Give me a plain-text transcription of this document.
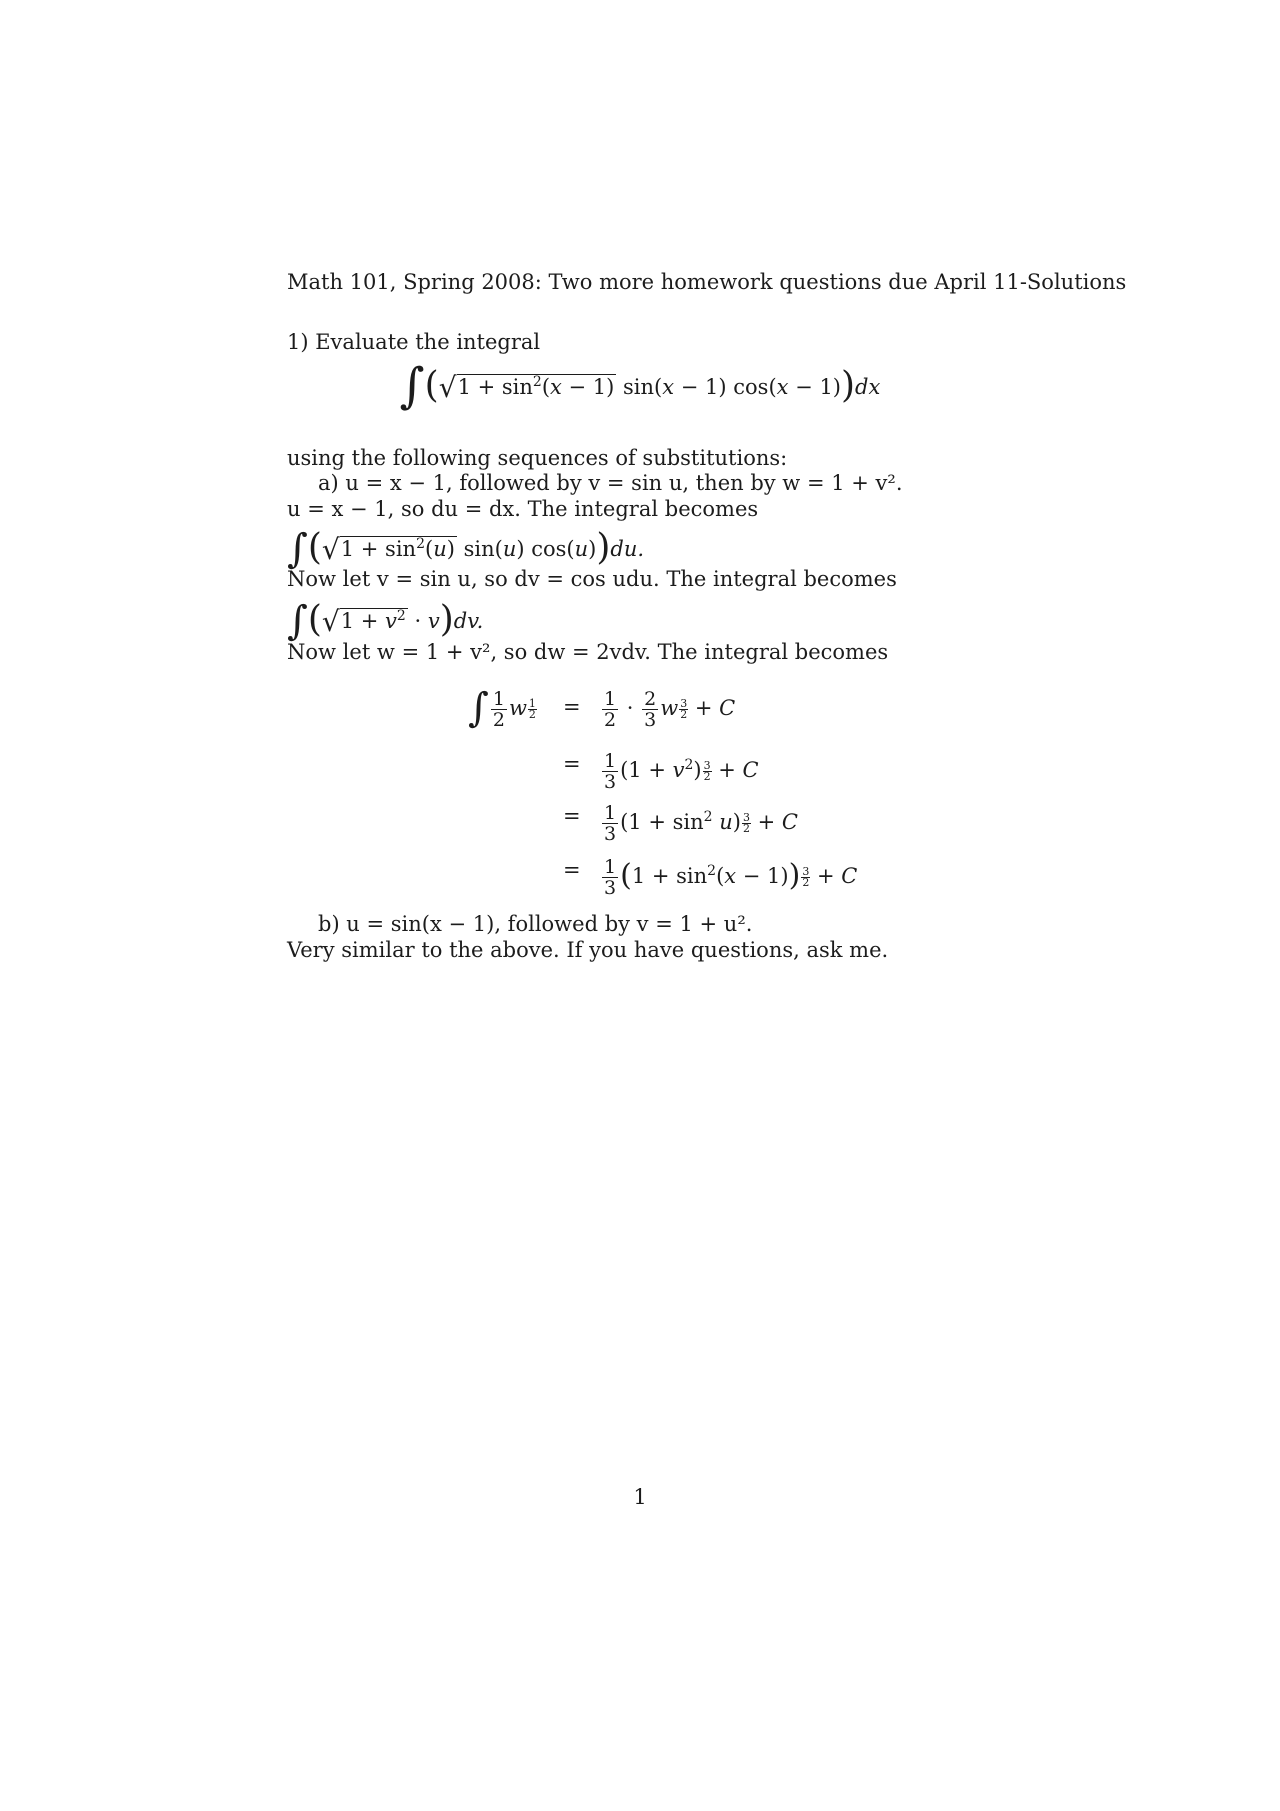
Math 101, Spring 2008: Two more homework questions due April 11-Solutions
1) Evaluate the integral
$\int(√1 + \sin^2(x - 1) \sin(x - 1) \cos(x - 1))dx$
using the following sequences of substitutions:
a) u = x − 1, followed by v = sin u, then by w = 1 + v².
u = x − 1, so du = dx. The integral becomes
$\int(√1 + \sin^2(u)$ sin(u) cos(u))du.
Now let v = sin u, so dv = cos udu. The integral becomes
$\int(√1 + v^2 \cdot v)dv$.
Now let w = 1 + v², so dw = 2vdv. The integral becomes
∫ $\frac{1}{2}$ w $\frac{1}{2} = \frac{1}{2} \cdot \frac{2}{3}$ w $\frac{3}{2} + C$
= $\frac{1}{3} (1 + v^2) \frac{3}{2} + C$
= $\frac{1}{3} (1 + \sin^2 u) \frac{3}{2} + C$
= $\frac{1}{3} (1 + \sin^2(x - 1)) \frac{3}{2} + C$
b) u = sin(x − 1), followed by v = 1 + u².
Very similar to the above. If you have questions, ask me.
1
